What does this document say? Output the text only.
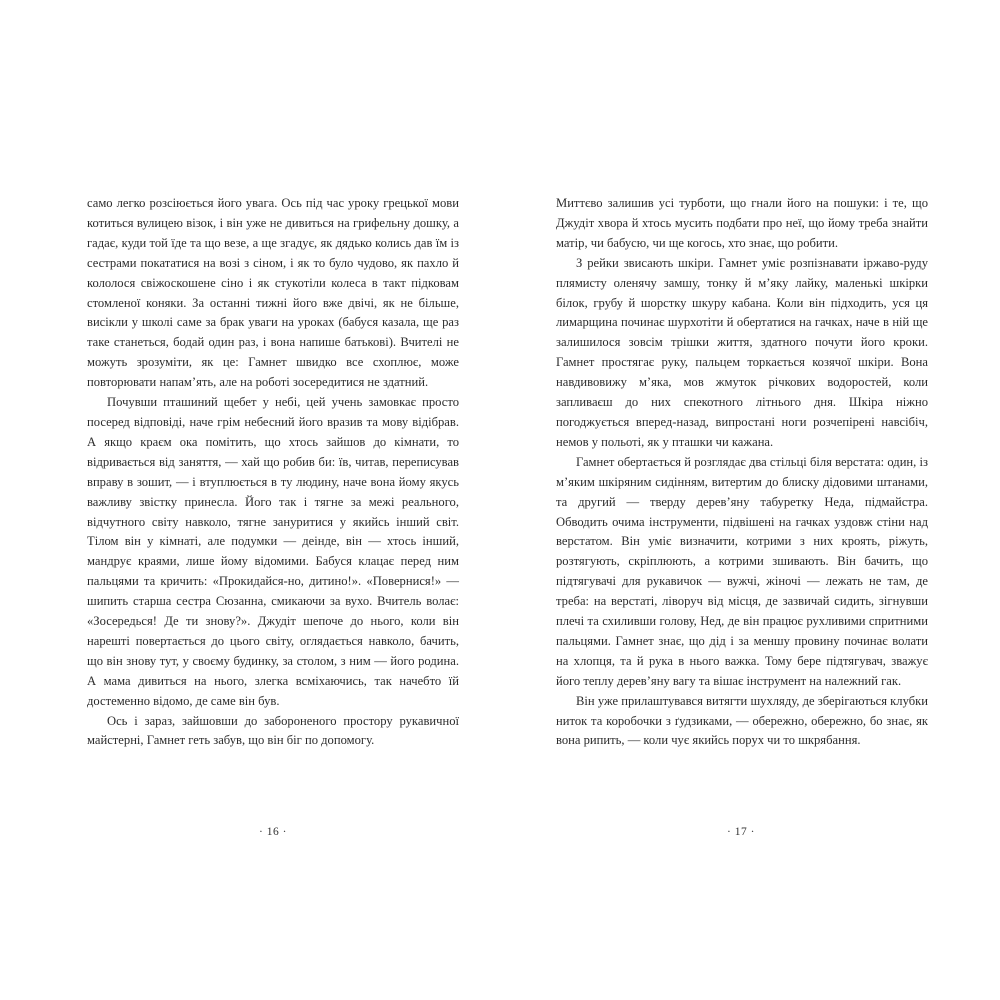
само легко розсіюється його увага. Ось під час уроку грецької мови котиться вулицею візок, і він уже не дивиться на грифельну дошку, а гадає, куди той їде та що везе, а ще згадує, як дядько колись дав їм із сестрами покататися на возі з сіном, і як то було чудово, як пахло й кололося свіжоскошене сіно і як стукотіли колеса в такт підковам стомленої коняки. За останні тижні його вже двічі, як не більше, висікли у школі саме за брак уваги на уроках (бабуся казала, ще раз таке станеться, бодай один раз, і вона напише батькові). Вчителі не можуть зрозуміти, як це: Гамнет швидко все схоплює, може повторювати напам’ять, але на роботі зосередитися не здатний.

Почувши пташиний щебет у небі, цей учень замовкає просто посеред відповіді, наче грім небесний його вразив та мову відібрав. А якщо краєм ока помітить, що хтось зайшов до кімнати, то відривається від заняття, — хай що робив би: їв, читав, переписував вправу в зошит, — і втуплюється в ту людину, наче вона йому якусь важливу звістку принесла. Його так і тягне за межі реального, відчутного світу навколо, тягне зануритися у якийсь інший світ. Тілом він у кімнаті, але подумки — деінде, він — хтось інший, мандрує краями, лише йому відомими. Бабуся клацає перед ним пальцями та кричить: «Прокидайся-но, дитино!». «Повернися!» — шипить старша сестра Сюзанна, смикаючи за вухо. Вчитель волає: «Зосередься! Де ти знову?». Джудіт шепоче до нього, коли він нарешті повертається до цього світу, оглядається навколо, бачить, що він знову тут, у своєму будинку, за столом, з ним — його родина. А мама дивиться на нього, злегка всміхаючись, так начебто їй достеменно відомо, де саме він був.

Ось і зараз, зайшовши до забороненого простору рукавичної майстерні, Гамнет геть забув, що він біг по допомогу.

· 16 ·

Миттєво залишив усі турботи, що гнали його на пошуки: і те, що Джудіт хвора й хтось мусить подбати про неї, що йому треба знайти матір, чи бабусю, чи ще когось, хто знає, що робити.

З рейки звисають шкіри. Гамнет уміє розпізнавати іржаво-руду плямисту оленячу замшу, тонку й м’яку лайку, маленькі шкірки білок, грубу й шорстку шкуру кабана. Коли він підходить, уся ця лимарщина починає шурхотіти й обертатися на гачках, наче в ній ще залишилося зовсім трішки життя, здатного почути його кроки. Гамнет простягає руку, пальцем торкається козячої шкіри. Вона навдивовижу м’яка, мов жмуток річкових водоростей, коли запливаєш до них спекотного літнього дня. Шкіра ніжно погоджується вперед-назад, випростані ноги розчепірені навсібіч, немов у польоті, як у пташки чи кажана.

Гамнет обертається й розглядає два стільці біля верстата: один, із м’яким шкіряним сидінням, витертим до блиску дідовими штанами, та другий — тверду дерев’яну табуретку Неда, підмайстра. Обводить очима інструменти, підвішені на гачках уздовж стіни над верстатом. Він уміє визначити, котрими з них кроять, ріжуть, розтягують, скріплюють, а котрими зшивають. Він бачить, що підтягувачі для рукавичок — вужчі, жіночі — лежать не там, де треба: на верстаті, ліворуч від місця, де зазвичай сидить, зігнувши плечі та схиливши голову, Нед, де він працює рухливими спритними пальцями. Гамнет знає, що дід і за меншу провину починає волати на хлопця, та й рука в нього важка. Тому бере підтягувач, зважує його теплу дерев’яну вагу та вішає інструмент на належний гак.

Він уже прилаштувався витягти шухляду, де зберігаються клубки ниток та коробочки з ґудзиками, — обережно, обережно, бо знає, як вона рипить, — коли чує якийсь порух чи то шкрябання.

· 17 ·
